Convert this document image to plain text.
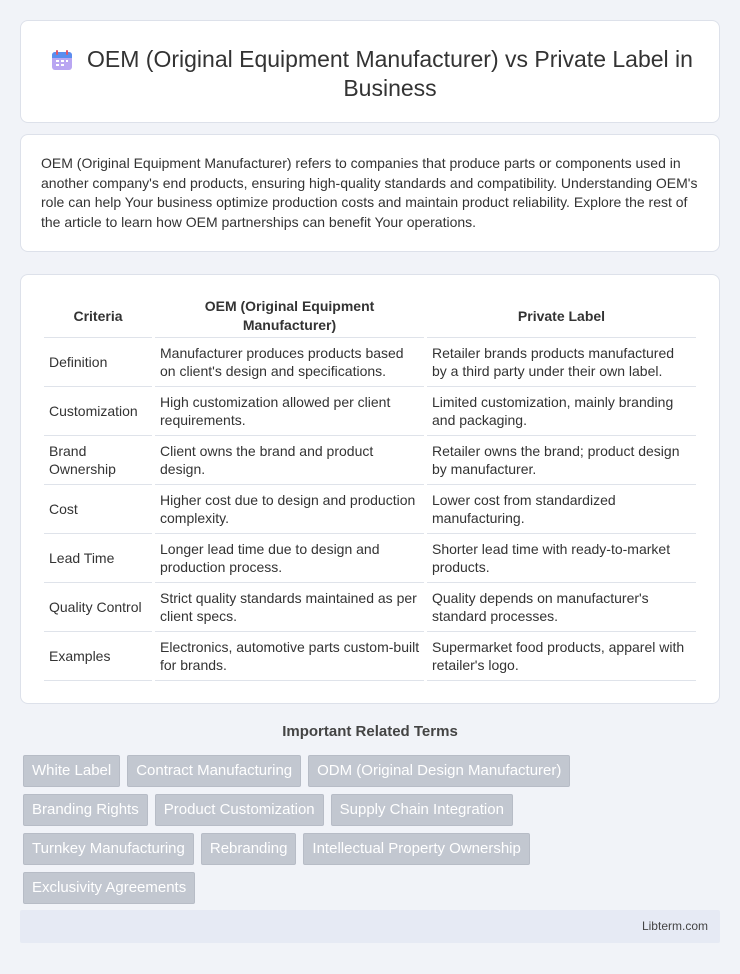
OEM (Original Equipment Manufacturer) vs Private Label in Business

OEM (Original Equipment Manufacturer) refers to companies that produce parts or components used in another company's end products, ensuring high-quality standards and compatibility. Understanding OEM's role can help Your business optimize production costs and maintain product reliability. Explore the rest of the article to learn how OEM partnerships can benefit Your operations.

Criteria	OEM (Original Equipment Manufacturer)	Private Label
Definition	Manufacturer produces products based on client's design and specifications.	Retailer brands products manufactured by a third party under their own label.
Customization	High customization allowed per client requirements.	Limited customization, mainly branding and packaging.
Brand Ownership	Client owns the brand and product design.	Retailer owns the brand; product design by manufacturer.
Cost	Higher cost due to design and production complexity.	Lower cost from standardized manufacturing.
Lead Time	Longer lead time due to design and production process.	Shorter lead time with ready-to-market products.
Quality Control	Strict quality standards maintained as per client specs.	Quality depends on manufacturer's standard processes.
Examples	Electronics, automotive parts custom-built for brands.	Supermarket food products, apparel with retailer's logo.
Important Related Terms
White Label	Contract Manufacturing	ODM (Original Design Manufacturer)
Branding Rights	Product Customization	Supply Chain Integration
Turnkey Manufacturing	Rebranding	Intellectual Property Ownership
Exclusivity Agreements
Libterm.com
